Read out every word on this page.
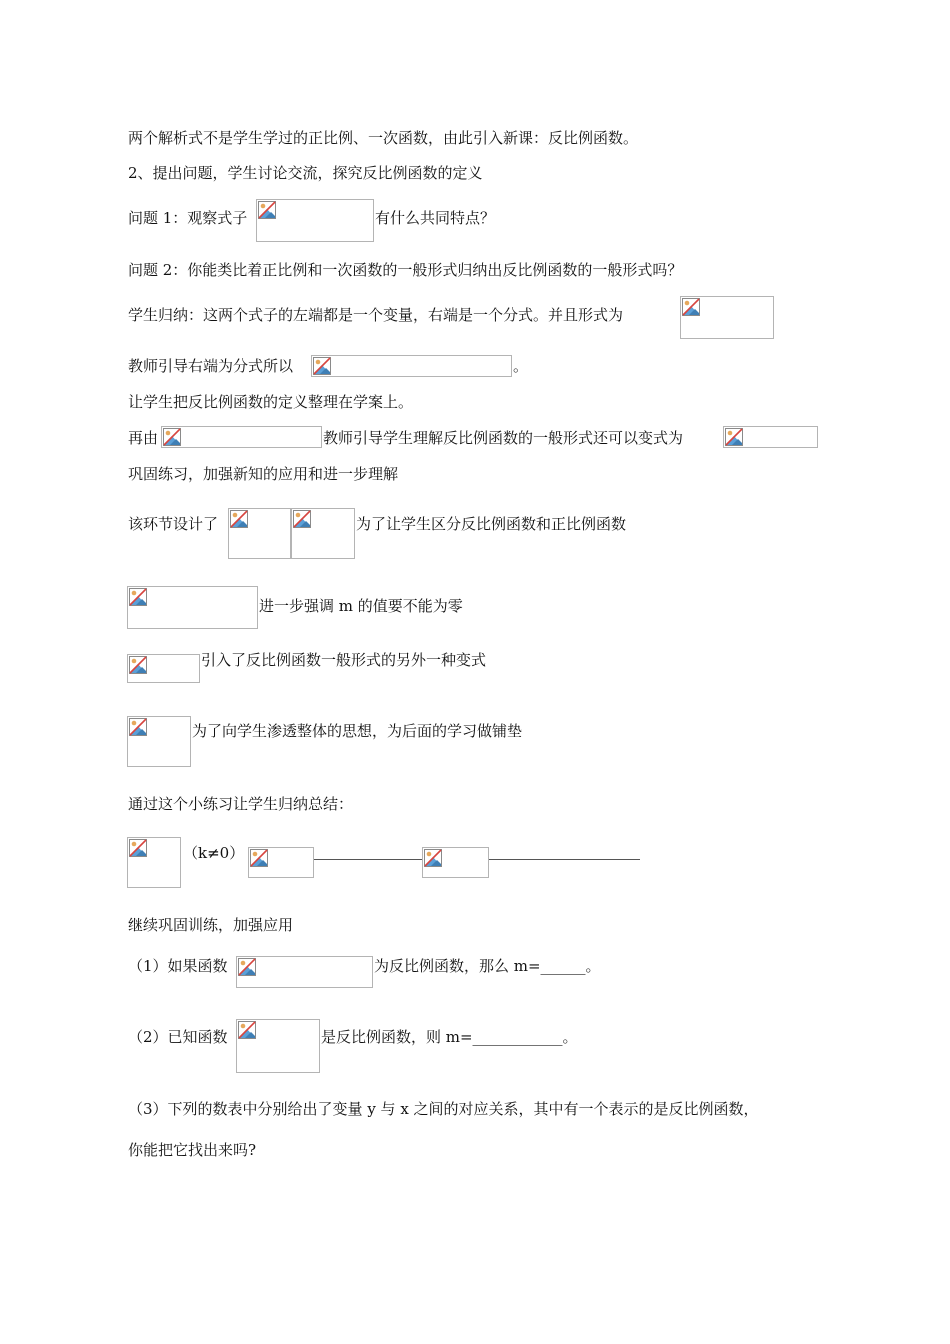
两个解析式不是学生学过的正比例、一次函数，由此引入新课：反比例函数。
2、提出问题，学生讨论交流，探究反比例函数的定义
问题 1：观察式子	有什么共同特点？
问题 2：你能类比着正比例和一次函数的一般形式归纳出反比例函数的一般形式吗？
学生归纳：这两个式子的左端都是一个变量，右端是一个分式。并且形式为
教师引导右端为分式所以	。
让学生把反比例函数的定义整理在学案上。
再由	教师引导学生理解反比例函数的一般形式还可以变式为
巩固练习，加强新知的应用和进一步理解
该环节设计了	为了让学生区分反比例函数和正比例函数
进一步强调 m 的值要不能为零
引入了反比例函数一般形式的另外一种变式
为了向学生渗透整体的思想，为后面的学习做铺垫
通过这个小练习让学生归纳总结：
（k≠0）
继续巩固训练，加强应用
（1）如果函数	为反比例函数，那么 m=______。
（2）已知函数	是反比例函数，则 m=____________。
（3）下列的数表中分别给出了变量 y 与 x 之间的对应关系，其中有一个表示的是反比例函数，
你能把它找出来吗?
